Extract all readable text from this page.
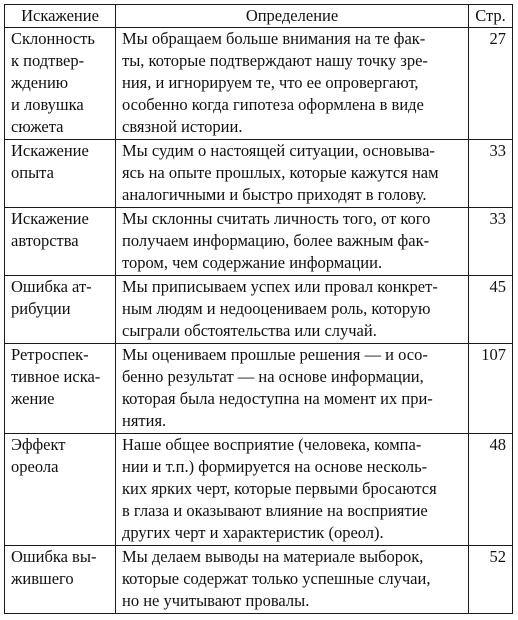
Искажение	Определение	Стр.
Склонность
к подтвер-
ждению
и ловушка
сюжета	Мы обращаем больше внимания на те фак-
ты, которые подтверждают нашу точку зре-
ния, и игнорируем те, что ее опровергают,
особенно когда гипотеза оформлена в виде
связной истории.	27
Искажение
опыта	Мы судим о настоящей ситуации, основыва-
ясь на опыте прошлых, которые кажутся нам
аналогичными и быстро приходят в голову.	33
Искажение
авторства	Мы склонны считать личность того, от кого
получаем информацию, более важным фак-
тором, чем содержание информации.	33
Ошибка ат-
рибуции	Мы приписываем успех или провал конкрет-
ным людям и недооцениваем роль, которую
сыграли обстоятельства или случай.	45
Ретроспек-
тивное иска-
жение	Мы оцениваем прошлые решения — и осо-
бенно результат — на основе информации,
которая была недоступна на момент их при-
нятия.	107
Эффект
ореола	Наше общее восприятие (человека, компа-
нии и т.п.) формируется на основе несколь-
ких ярких черт, которые первыми бросаются
в глаза и оказывают влияние на восприятие
других черт и характеристик (ореол).	48
Ошибка вы-
жившего	Мы делаем выводы на материале выборок,
которые содержат только успешные случаи,
но не учитывают провалы.	52
